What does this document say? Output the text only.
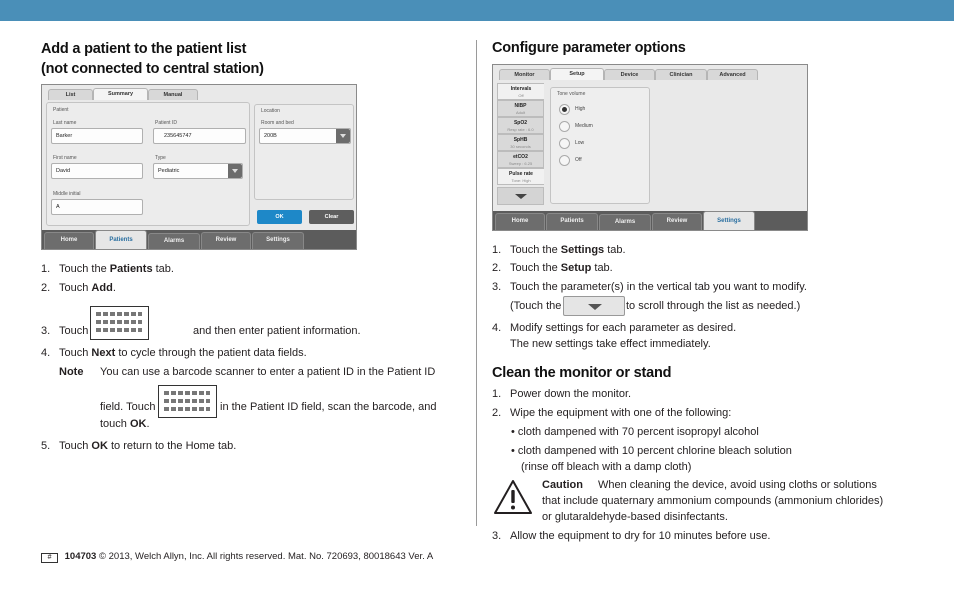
Add a patient to the patient list
(not connected to central station)
List	Summary	Manual
Patient
Last name
Barker
Patient ID
235645747
First name
David
Type
Pediatric
Middle initial
A
Location
Room and bed
200B
OK	Clear
Home	Patients	Alarms	Review	Settings
1. Touch the Patients tab.
2. Touch Add.
3. Touch	and then enter patient information.
4. Touch Next to cycle through the patient data fields.
Note You can use a barcode scanner to enter a patient ID in the Patient ID
field. Touch	in the Patient ID field, scan the barcode, and
touch OK.
5. Touch OK to return to the Home tab.
Configure parameter options
Monitor	Setup	Device	Clinician	Advanced
Intervals
Off
NIBP
Adult
SpO2
Resp rate : 6.0
SpHB
30 seconds
etCO2
Sweep : 6.25
Pulse rate
Tone: High
Tone volume
High
Medium
Low
Off
Home	Patients	Alarms	Review	Settings
1. Touch the Settings tab.
2. Touch the Setup tab.
3. Touch the parameter(s) in the vertical tab you want to modify.
(Touch the	to scroll through the list as needed.)
4. Modify settings for each parameter as desired.
The new settings take effect immediately.
Clean the monitor or stand
1. Power down the monitor.
2. Wipe the equipment with one of the following:
• cloth dampened with 70 percent isopropyl alcohol
• cloth dampened with 10 percent chlorine bleach solution
(rinse off bleach with a damp cloth)
Caution When cleaning the device, avoid using cloths or solutions
that include quaternary ammonium compounds (ammonium chlorides)
or glutaraldehyde-based disinfectants.
3. Allow the equipment to dry for 10 minutes before use.
# 104703 © 2013, Welch Allyn, Inc. All rights reserved. Mat. No. 720693, 80018643 Ver. A
